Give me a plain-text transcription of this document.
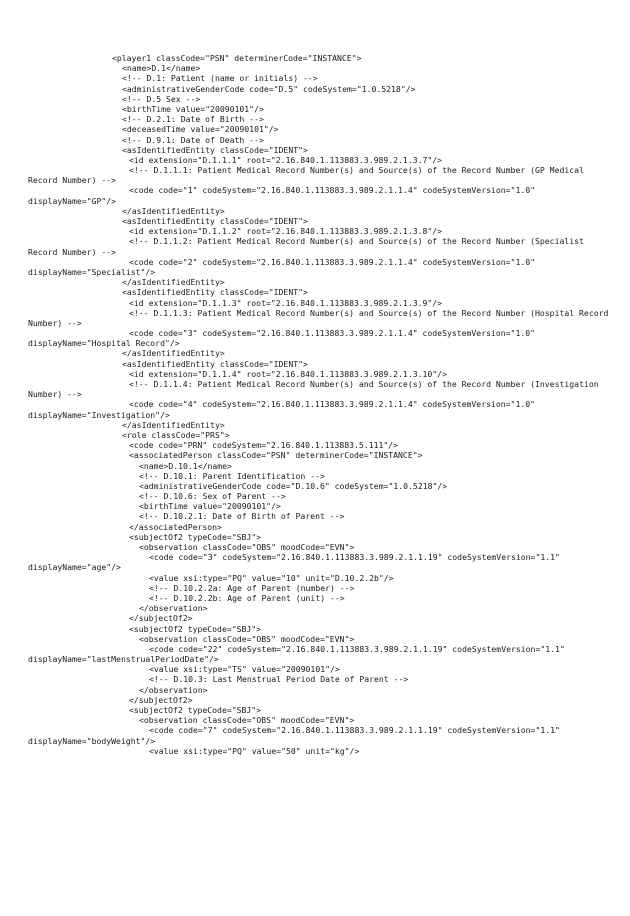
<player1 classCode="PSN" determinerCode="INSTANCE">
<name>D.1</name>
<!-- D.1: Patient (name or initials) -->
<administrativeGenderCode code="D.5" codeSystem="1.0.5218"/>
<!-- D.5 Sex -->
<birthTime value="20090101"/>
<!-- D.2.1: Date of Birth -->
<deceasedTime value="20090101"/>
<!-- D.9.1: Date of Death -->
<asIdentifiedEntity classCode="IDENT">
<id extension="D.1.1.1" root="2.16.840.1.113883.3.989.2.1.3.7"/>
<!-- D.1.1.1: Patient Medical Record Number(s) and Source(s) of the Record Number (GP Medical
Record Number) -->
<code code="1" codeSystem="2.16.840.1.113883.3.989.2.1.1.4" codeSystemVersion="1.0"
displayName="GP"/>
</asIdentifiedEntity>
<asIdentifiedEntity classCode="IDENT">
<id extension="D.1.1.2" root="2.16.840.1.113883.3.989.2.1.3.8"/>
<!-- D.1.1.2: Patient Medical Record Number(s) and Source(s) of the Record Number (Specialist
Record Number) -->
<code code="2" codeSystem="2.16.840.1.113883.3.989.2.1.1.4" codeSystemVersion="1.0"
displayName="Specialist"/>
</asIdentifiedEntity>
<asIdentifiedEntity classCode="IDENT">
<id extension="D.1.1.3" root="2.16.840.1.113883.3.989.2.1.3.9"/>
<!-- D.1.1.3: Patient Medical Record Number(s) and Source(s) of the Record Number (Hospital Record
Number) -->
<code code="3" codeSystem="2.16.840.1.113883.3.989.2.1.1.4" codeSystemVersion="1.0"
displayName="Hospital Record"/>
</asIdentifiedEntity>
<asIdentifiedEntity classCode="IDENT">
<id extension="D.1.1.4" root="2.16.840.1.113883.3.989.2.1.3.10"/>
<!-- D.1.1.4: Patient Medical Record Number(s) and Source(s) of the Record Number (Investigation
Number) -->
<code code="4" codeSystem="2.16.840.1.113883.3.989.2.1.1.4" codeSystemVersion="1.0"
displayName="Investigation"/>
</asIdentifiedEntity>
<role classCode="PRS">
<code code="PRN" codeSystem="2.16.840.1.113883.5.111"/>
<associatedPerson classCode="PSN" determinerCode="INSTANCE">
<name>D.10.1</name>
<!-- D.10.1: Parent Identification -->
<administrativeGenderCode code="D.10.6" codeSystem="1.0.5218"/>
<!-- D.10.6: Sex of Parent -->
<birthTime value="20090101"/>
<!-- D.10.2.1: Date of Birth of Parent -->
</associatedPerson>
<subjectOf2 typeCode="SBJ">
<observation classCode="OBS" moodCode="EVN">
<code code="3" codeSystem="2.16.840.1.113883.3.989.2.1.1.19" codeSystemVersion="1.1"
displayName="age"/>
<value xsi:type="PQ" value="10" unit="D.10.2.2b"/>
<!-- D.10.2.2a: Age of Parent (number) -->
<!-- D.10.2.2b: Age of Parent (unit) -->
</observation>
</subjectOf2>
<subjectOf2 typeCode="SBJ">
<observation classCode="OBS" moodCode="EVN">
<code code="22" codeSystem="2.16.840.1.113883.3.989.2.1.1.19" codeSystemVersion="1.1"
displayName="lastMenstrualPeriodDate"/>
<value xsi:type="TS" value="20090101"/>
<!-- D.10.3: Last Menstrual Period Date of Parent -->
</observation>
</subjectOf2>
<subjectOf2 typeCode="SBJ">
<observation classCode="OBS" moodCode="EVN">
<code code="7" codeSystem="2.16.840.1.113883.3.989.2.1.1.19" codeSystemVersion="1.1"
displayName="bodyWeight"/>
<value xsi:type="PQ" value="50" unit="kg"/>
